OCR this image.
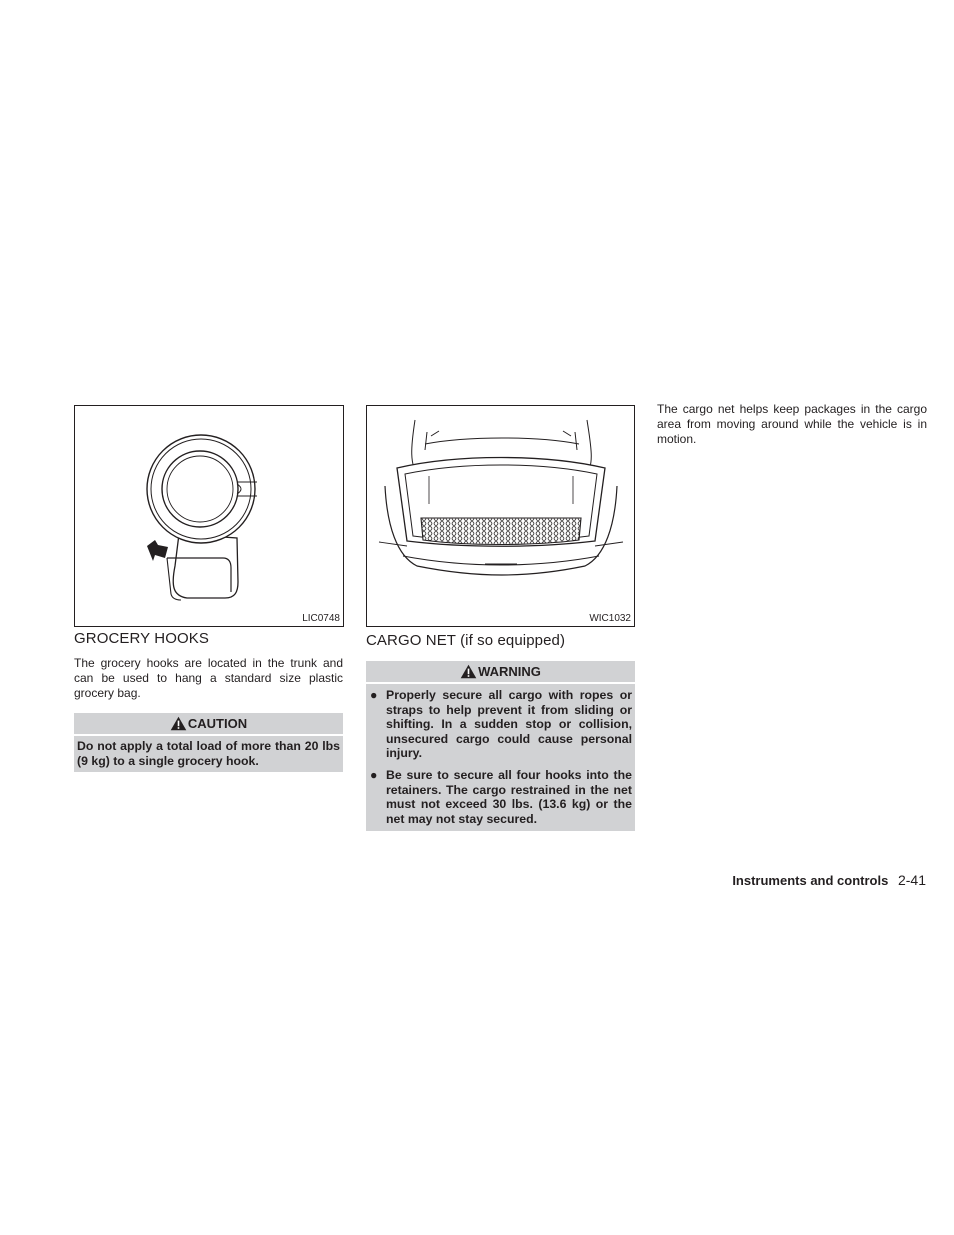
LIC0748
GROCERY HOOKS

The grocery hooks are located in the trunk and can be used to hang a standard size plastic grocery bag.

CAUTION
Do not apply a total load of more than 20 lbs (9 kg) to a single grocery hook.
WIC1032
CARGO NET (if so equipped)
WARNING
● Properly secure all cargo with ropes or straps to help prevent it from sliding or shifting. In a sudden stop or collision, unsecured cargo could cause personal injury.
● Be sure to secure all four hooks into the retainers. The cargo restrained in the net must not exceed 30 lbs. (13.6 kg) or the net may not stay secured.

The cargo net helps keep packages in the cargo area from moving around while the vehicle is in motion.

Instruments and controls 2-41
